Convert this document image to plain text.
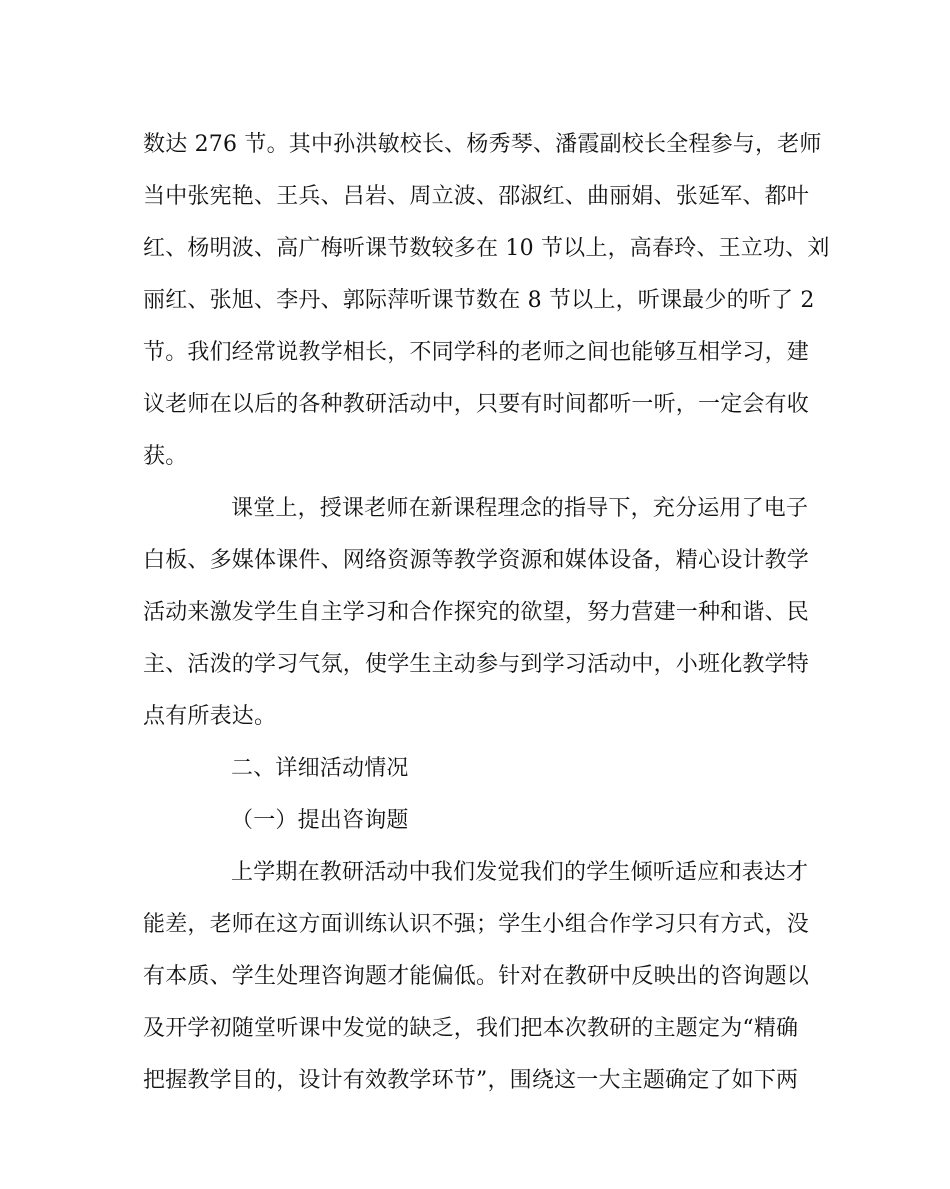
数达 276 节。其中孙洪敏校长、杨秀琴、潘霞副校长全程参与，老师
当中张宪艳、王兵、吕岩、周立波、邵淑红、曲丽娟、张延军、都叶
红、杨明波、高广梅听课节数较多在 10 节以上，高春玲、王立功、刘
丽红、张旭、李丹、郭际萍听课节数在 8 节以上，听课最少的听了 2
节。我们经常说教学相长，不同学科的老师之间也能够互相学习，建
议老师在以后的各种教研活动中，只要有时间都听一听，一定会有收
获。
课堂上，授课老师在新课程理念的指导下，充分运用了电子
白板、多媒体课件、网络资源等教学资源和媒体设备，精心设计教学
活动来激发学生自主学习和合作探究的欲望，努力营建一种和谐、民
主、活泼的学习气氛，使学生主动参与到学习活动中，小班化教学特
点有所表达。
二、详细活动情况
（一）提出咨询题
上学期在教研活动中我们发觉我们的学生倾听适应和表达才
能差，老师在这方面训练认识不强；学生小组合作学习只有方式，没
有本质、学生处理咨询题才能偏低。针对在教研中反映出的咨询题以
及开学初随堂听课中发觉的缺乏，我们把本次教研的主题定为“精确
把握教学目的，设计有效教学环节”，围绕这一大主题确定了如下两
